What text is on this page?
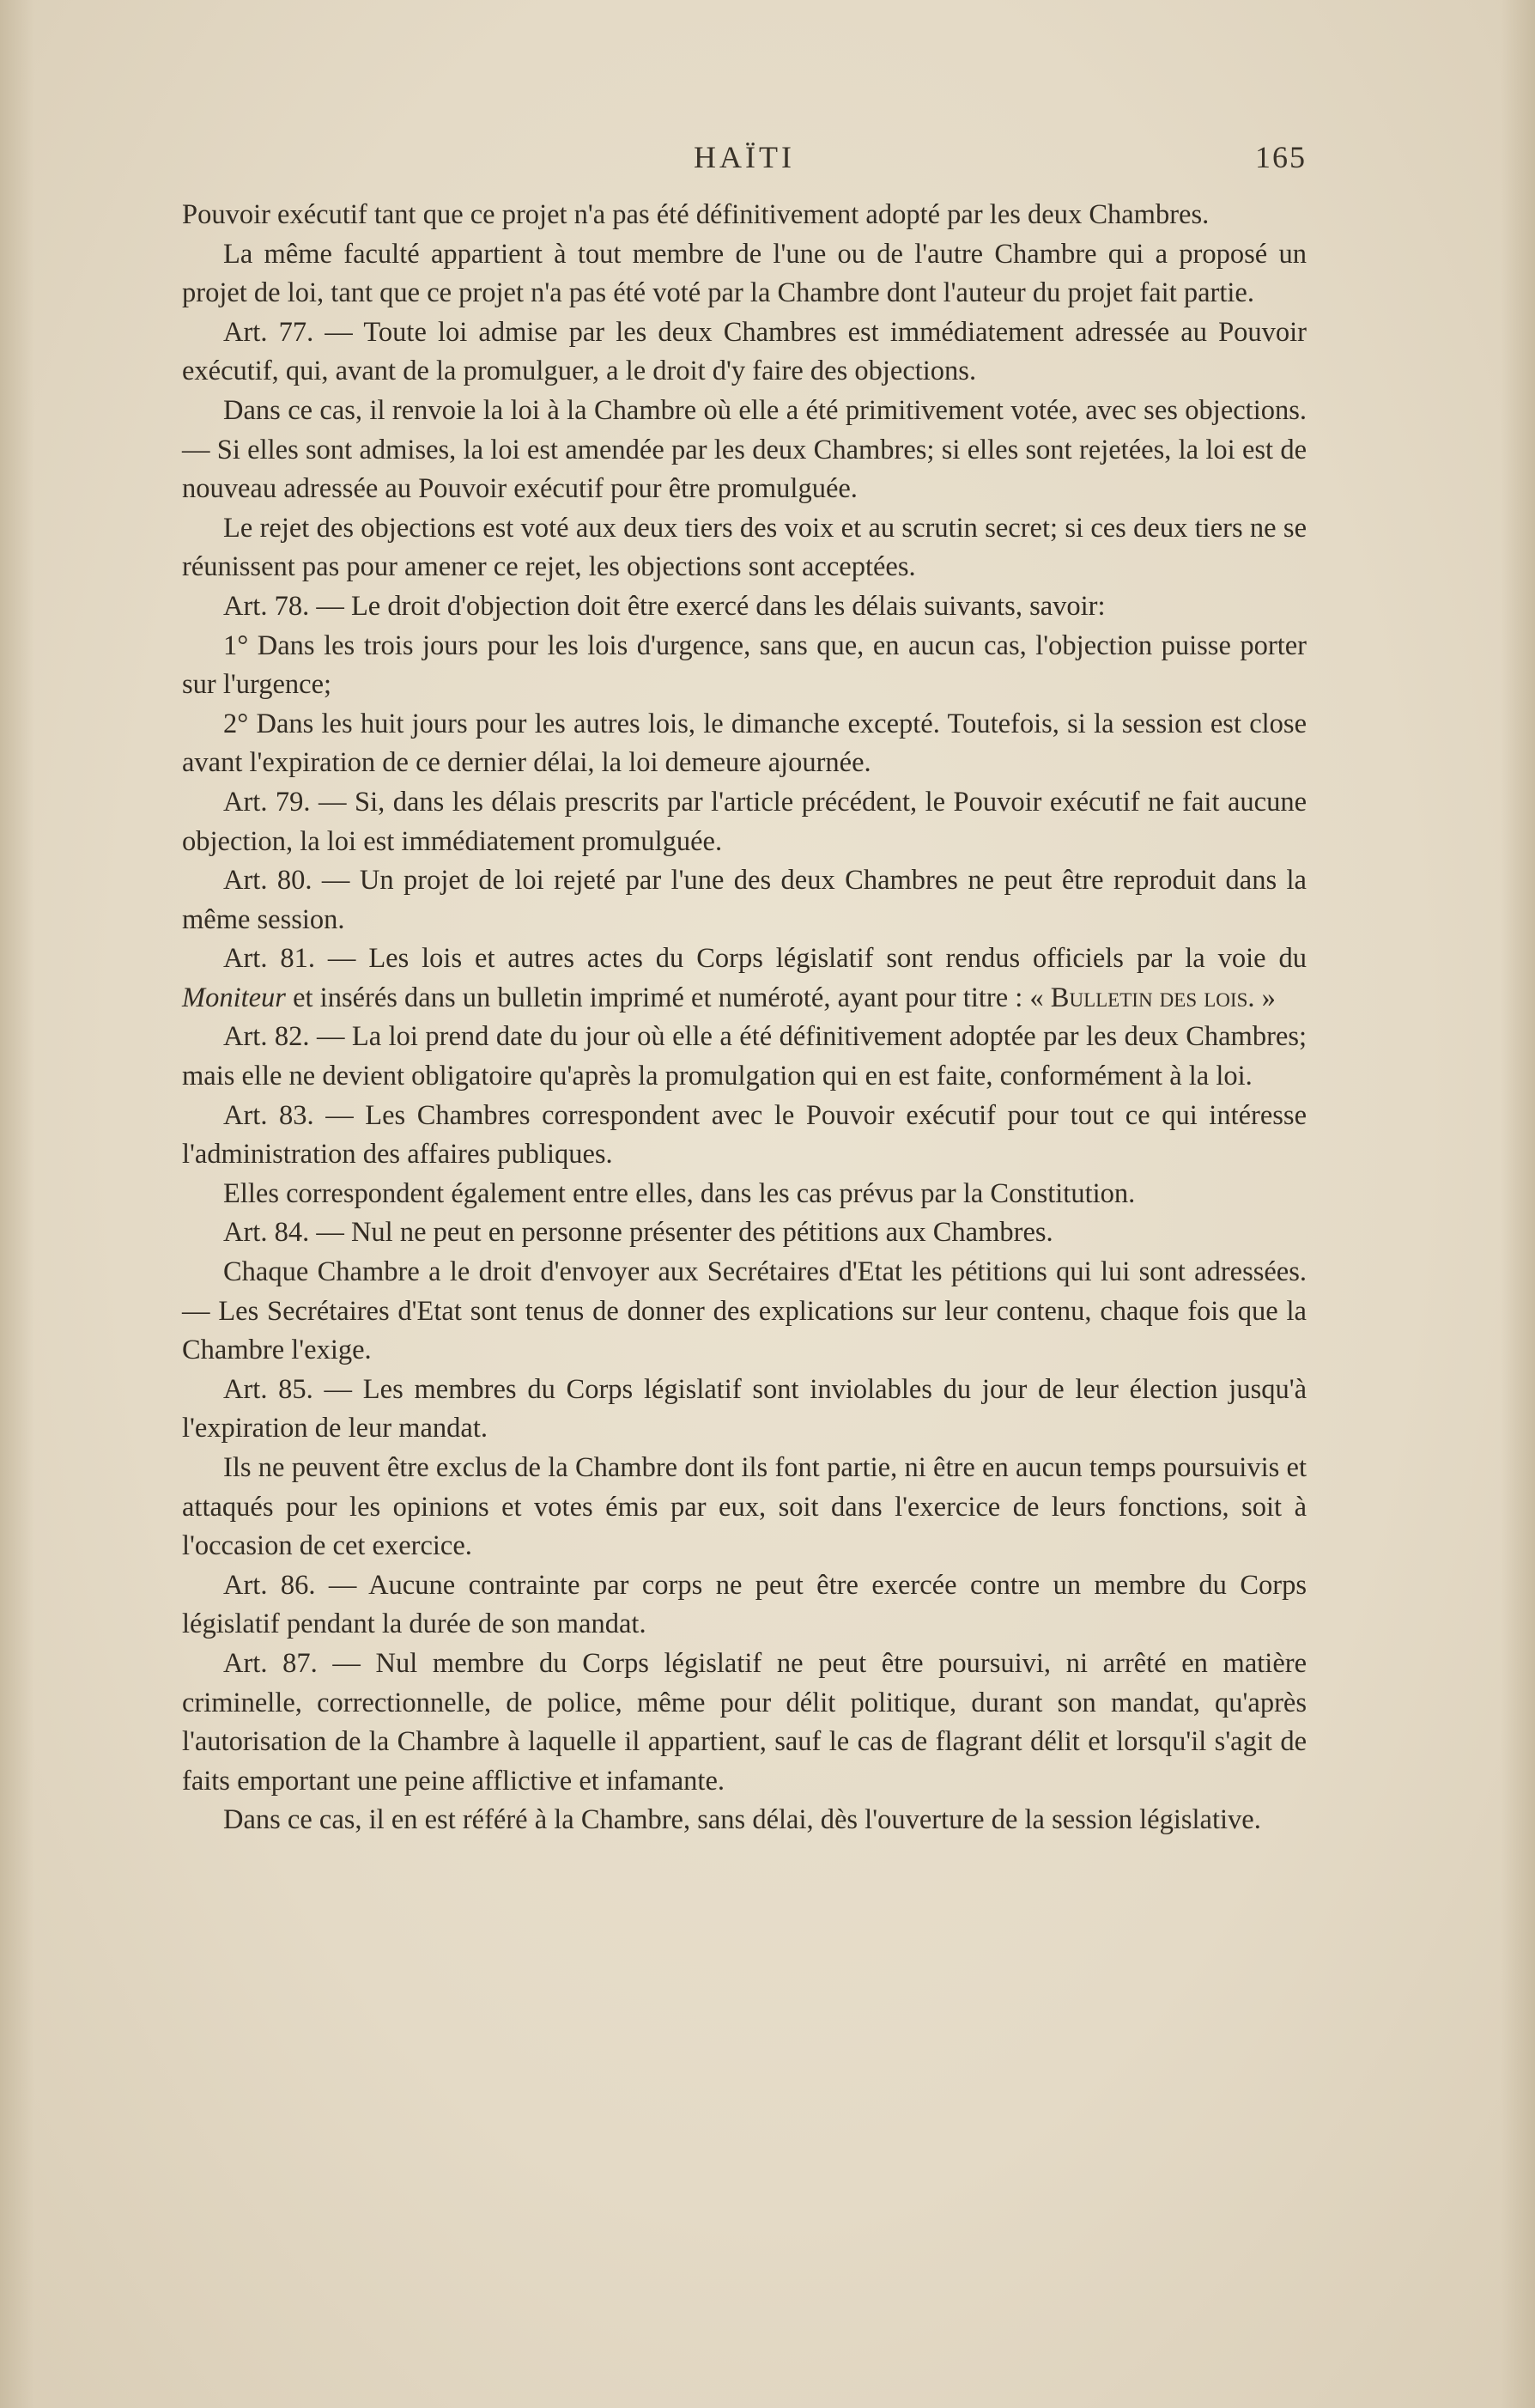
HAÏTI	165

Pouvoir exécutif tant que ce projet n'a pas été définitivement adopté par les deux Chambres.

La même faculté appartient à tout membre de l'une ou de l'autre Chambre qui a proposé un projet de loi, tant que ce projet n'a pas été voté par la Chambre dont l'auteur du projet fait partie.

Art. 77. — Toute loi admise par les deux Chambres est immédiatement adressée au Pouvoir exécutif, qui, avant de la promulguer, a le droit d'y faire des objections.

Dans ce cas, il renvoie la loi à la Chambre où elle a été primitivement votée, avec ses objections. — Si elles sont admises, la loi est amendée par les deux Chambres; si elles sont rejetées, la loi est de nouveau adressée au Pouvoir exécutif pour être promulguée.

Le rejet des objections est voté aux deux tiers des voix et au scrutin secret; si ces deux tiers ne se réunissent pas pour amener ce rejet, les objections sont acceptées.

Art. 78. — Le droit d'objection doit être exercé dans les délais suivants, savoir:

1° Dans les trois jours pour les lois d'urgence, sans que, en aucun cas, l'objection puisse porter sur l'urgence;

2° Dans les huit jours pour les autres lois, le dimanche excepté. Toutefois, si la session est close avant l'expiration de ce dernier délai, la loi demeure ajournée.

Art. 79. — Si, dans les délais prescrits par l'article précédent, le Pouvoir exécutif ne fait aucune objection, la loi est immédiatement promulguée.

Art. 80. — Un projet de loi rejeté par l'une des deux Chambres ne peut être reproduit dans la même session.

Art. 81. — Les lois et autres actes du Corps législatif sont rendus officiels par la voie du Moniteur et insérés dans un bulletin imprimé et numéroté, ayant pour titre : « Bulletin des lois. »

Art. 82. — La loi prend date du jour où elle a été définitivement adoptée par les deux Chambres; mais elle ne devient obligatoire qu'après la promulgation qui en est faite, conformément à la loi.

Art. 83. — Les Chambres correspondent avec le Pouvoir exécutif pour tout ce qui intéresse l'administration des affaires publiques.

Elles correspondent également entre elles, dans les cas prévus par la Constitution.

Art. 84. — Nul ne peut en personne présenter des pétitions aux Chambres.

Chaque Chambre a le droit d'envoyer aux Secrétaires d'Etat les pétitions qui lui sont adressées. — Les Secrétaires d'Etat sont tenus de donner des explications sur leur contenu, chaque fois que la Chambre l'exige.

Art. 85. — Les membres du Corps législatif sont inviolables du jour de leur élection jusqu'à l'expiration de leur mandat.

Ils ne peuvent être exclus de la Chambre dont ils font partie, ni être en aucun temps poursuivis et attaqués pour les opinions et votes émis par eux, soit dans l'exercice de leurs fonctions, soit à l'occasion de cet exercice.

Art. 86. — Aucune contrainte par corps ne peut être exercée contre un membre du Corps législatif pendant la durée de son mandat.

Art. 87. — Nul membre du Corps législatif ne peut être poursuivi, ni arrêté en matière criminelle, correctionnelle, de police, même pour délit politique, durant son mandat, qu'après l'autorisation de la Chambre à laquelle il appartient, sauf le cas de flagrant délit et lorsqu'il s'agit de faits emportant une peine afflictive et infamante.

Dans ce cas, il en est référé à la Chambre, sans délai, dès l'ouverture de la session législative.
